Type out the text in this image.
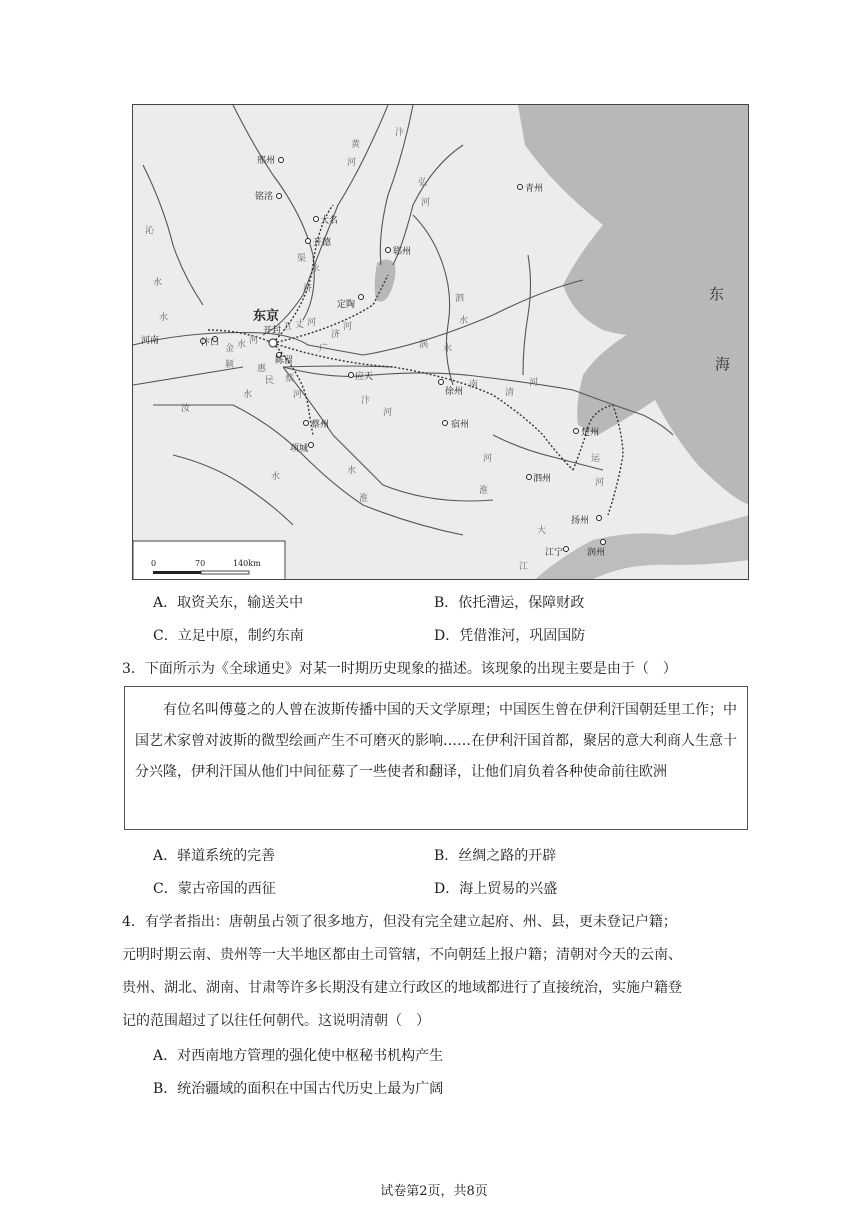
邢州
铭洺
大名
开德
郓州
青州
定陶
东京
开封
河南	汴口
陈留
应天
徐州
宿州
蔡州
项城
泗州
楚州
扬州
江宁	润州
黄
河
永
济
渠
弘
河
汴
水
广
济
河
五 丈 河
金 水 河
惠
民 蔡
河
颍
水
涡 水
汴
河
泗
水
南
清
河
淮
水
运
河
大
江
沁
水
汝
水
淮
河
东
海
0	70	140km
A．取资关东，输送关中	B．依托漕运，保障财政
C．立足中原，制约东南	D．凭借淮河，巩固国防
3．下面所示为《全球通史》对某一时期历史现象的描述。该现象的出现主要是由于（　）

有位名叫傅蔓之的人曾在波斯传播中国的天文学原理；中国医生曾在伊利汗国朝廷里工作；中国艺术家曾对波斯的微型绘画产生不可磨灭的影响……在伊利汗国首都，聚居的意大利商人生意十分兴隆，伊利汗国从他们中间征募了一些使者和翻译，让他们肩负着各种使命前往欧洲

A．驿道系统的完善	B．丝绸之路的开辟
C．蒙古帝国的西征	D．海上贸易的兴盛
4．有学者指出：唐朝虽占领了很多地方，但没有完全建立起府、州、县，更未登记户籍；
元明时期云南、贵州等一大半地区都由土司管辖，不向朝廷上报户籍；清朝对今天的云南、
贵州、湖北、湖南、甘肃等许多长期没有建立行政区的地域都进行了直接统治，实施户籍登
记的范围超过了以往任何朝代。这说明清朝（　）
A．对西南地方管理的强化使中枢秘书机构产生
B．统治疆域的面积在中国古代历史上最为广阔
试卷第2页，共8页
